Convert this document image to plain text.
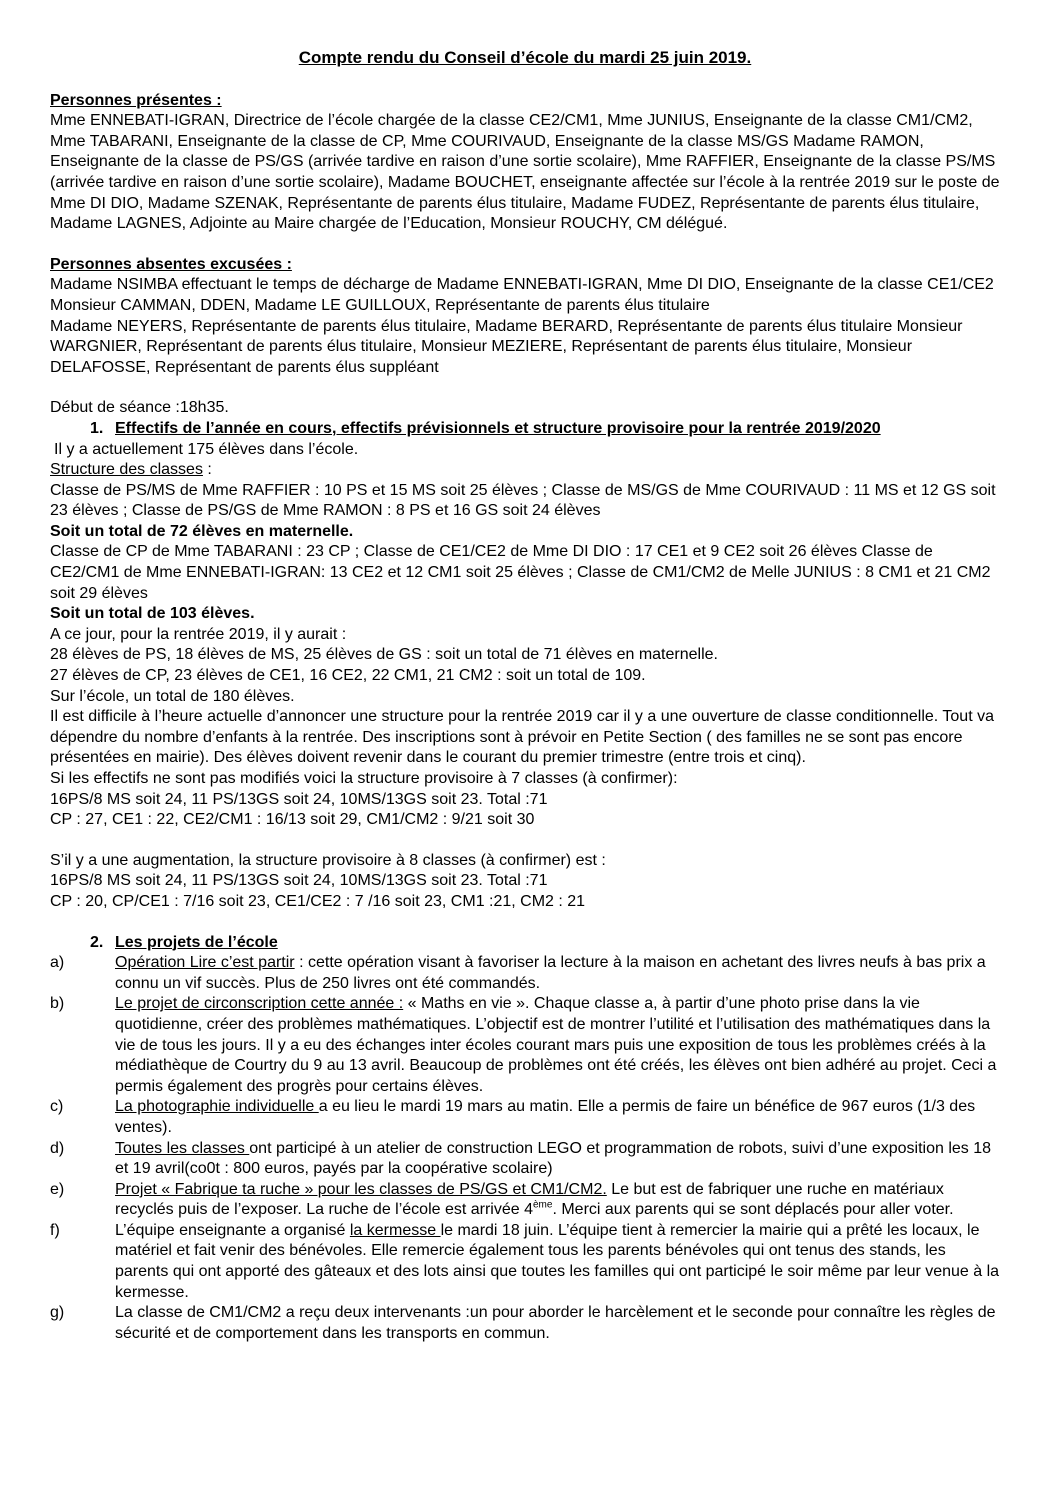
Compte rendu du Conseil d’école du mardi 25 juin 2019.

Personnes présentes :

Mme ENNEBATI-IGRAN, Directrice de l’école chargée de la classe CE2/CM1, Mme JUNIUS, Enseignante de la classe CM1/CM2, Mme TABARANI, Enseignante de la classe de CP, Mme COURIVAUD, Enseignante de la classe MS/GS Madame RAMON, Enseignante de la classe de PS/GS (arrivée tardive en raison d’une sortie scolaire), Mme RAFFIER, Enseignante de la classe PS/MS (arrivée tardive en raison d’une sortie scolaire), Madame BOUCHET, enseignante affectée sur l’école à la rentrée 2019 sur le poste de Mme DI DIO, Madame SZENAK, Représentante de parents élus titulaire, Madame FUDEZ, Représentante de parents élus titulaire, Madame LAGNES, Adjointe au Maire chargée de l’Education, Monsieur ROUCHY, CM délégué.

Personnes absentes excusées :

Madame NSIMBA effectuant le temps de décharge de Madame ENNEBATI-IGRAN, Mme DI DIO, Enseignante de la classe CE1/CE2

Monsieur CAMMAN, DDEN, Madame LE GUILLOUX, Représentante de parents élus titulaire

Madame NEYERS, Représentante de parents élus titulaire, Madame BERARD, Représentante de parents élus titulaire Monsieur WARGNIER, Représentant de parents élus titulaire, Monsieur MEZIERE, Représentant de parents élus titulaire, Monsieur DELAFOSSE, Représentant de parents élus suppléant

Début de séance :18h35.

1. Effectifs de l’année en cours, effectifs prévisionnels et structure provisoire pour la rentrée 2019/2020

Il y a actuellement 175 élèves dans l’école.

Structure des classes :

Classe de PS/MS de Mme RAFFIER : 10 PS et 15 MS soit 25 élèves ; Classe de MS/GS de Mme COURIVAUD : 11 MS et 12 GS soit 23 élèves ; Classe de PS/GS de Mme RAMON : 8 PS et 16 GS soit 24 élèves

Soit un total de 72 élèves en maternelle.

Classe de CP de Mme TABARANI : 23 CP ; Classe de CE1/CE2 de Mme DI DIO : 17 CE1 et 9 CE2 soit 26 élèves Classe de CE2/CM1 de Mme ENNEBATI-IGRAN: 13 CE2 et 12 CM1 soit 25 élèves ; Classe de CM1/CM2 de Melle JUNIUS : 8 CM1 et 21 CM2 soit 29 élèves

Soit un total de 103 élèves.

A ce jour, pour la rentrée 2019, il y aurait :

28 élèves de PS, 18 élèves de MS, 25 élèves de GS : soit un total de 71 élèves en maternelle.

27 élèves de CP, 23 élèves de CE1, 16 CE2, 22 CM1, 21 CM2 : soit un total de 109.

Sur l’école, un total de 180 élèves.

Il est difficile à l’heure actuelle d’annoncer une structure pour la rentrée 2019 car il y a une ouverture de classe conditionnelle. Tout va dépendre du nombre d’enfants à la rentrée. Des inscriptions sont à prévoir en Petite Section ( des familles ne se sont pas encore présentées en mairie). Des élèves doivent revenir dans le courant du premier trimestre (entre trois et cinq).

Si les effectifs ne sont pas modifiés voici la structure provisoire à 7 classes (à confirmer):

16PS/8 MS soit 24, 11 PS/13GS soit 24, 10MS/13GS soit 23. Total :71

CP : 27, CE1 : 22, CE2/CM1 : 16/13 soit 29, CM1/CM2 : 9/21 soit 30

S’il y a une augmentation, la structure provisoire à 8 classes (à confirmer) est :

16PS/8 MS soit 24, 11 PS/13GS soit 24, 10MS/13GS soit 23. Total :71

CP : 20, CP/CE1 : 7/16 soit 23, CE1/CE2 : 7 /16 soit 23, CM1 :21, CM2 : 21

2. Les projets de l’école

a)	Opération Lire c’est partir : cette opération visant à favoriser la lecture à la maison en achetant des livres neufs à bas prix a connu un vif succès. Plus de 250 livres ont été commandés.
b)	Le projet de circonscription cette année : « Maths en vie ». Chaque classe a, à partir d’une photo prise dans la vie quotidienne, créer des problèmes mathématiques. L’objectif est de montrer l’utilité et l’utilisation des mathématiques dans la vie de tous les jours. Il y a eu des échanges inter écoles courant mars puis une exposition de tous les problèmes créés à la médiathèque de Courtry du 9 au 13 avril. Beaucoup de problèmes ont été créés, les élèves ont bien adhéré au projet. Ceci a permis également des progrès pour certains élèves.
c)	La photographie individuelle a eu lieu le mardi 19 mars au matin. Elle a permis de faire un bénéfice de 967 euros (1/3 des ventes).
d)	Toutes les classes ont participé à un atelier de construction LEGO et programmation de robots, suivi d’une exposition les 18 et 19 avril(co0t : 800 euros, payés par la coopérative scolaire)
e)	Projet « Fabrique ta ruche » pour les classes de PS/GS et CM1/CM2. Le but est de fabriquer une ruche en matériaux recyclés puis de l’exposer. La ruche de l’école est arrivée 4ème. Merci aux parents qui se sont déplacés pour aller voter.
f)	L’équipe enseignante a organisé la kermesse le mardi 18 juin. L’équipe tient à remercier la mairie qui a prêté les locaux, le matériel et fait venir des bénévoles. Elle remercie également tous les parents bénévoles qui ont tenus des stands, les parents qui ont apporté des gâteaux et des lots ainsi que toutes les familles qui ont participé le soir même par leur venue à la kermesse.
g)	La classe de CM1/CM2 a reçu deux intervenants :un pour aborder le harcèlement et le seconde pour connaître les règles de sécurité et de comportement dans les transports en commun.
